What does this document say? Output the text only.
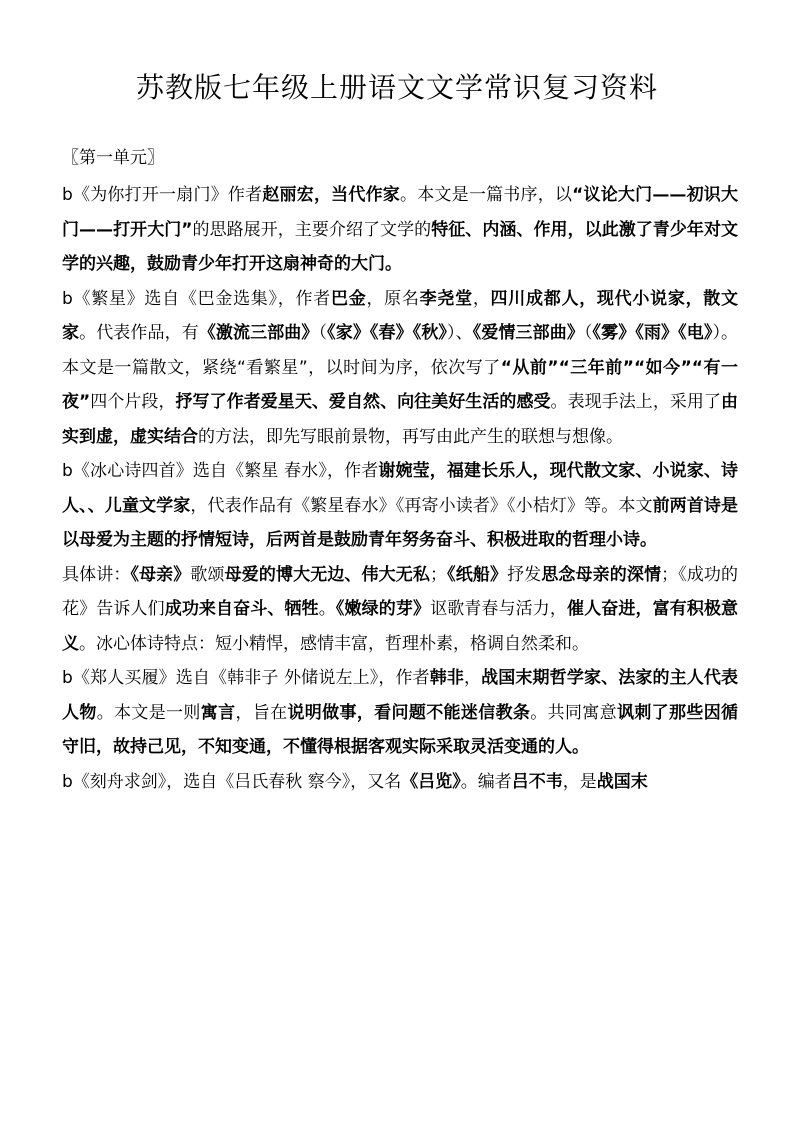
苏教版七年级上册语文文学常识复习资料

〖第一单元〗

b《为你打开一扇门》作者赵丽宏，当代作家。本文是一篇书序，以“议论大门——初识大门——打开大门”的思路展开，主要介绍了文学的特征、内涵、作用，以此激了青少年对文学的兴趣，鼓励青少年打开这扇神奇的大门。

b《繁星》选自《巴金选集》，作者巴金，原名李尧堂，四川成都人，现代小说家，散文家。代表作品，有《激流三部曲》（《家》《春》《秋》）、《爱情三部曲》（《雾》《雨》《电》）。本文是一篇散文，紧绕“看繁星”，以时间为序，依次写了“从前”“三年前”“如今”“有一夜”四个片段，抒写了作者爱星天、爱自然、向往美好生活的感受。表现手法上，采用了由实到虚，虚实结合的方法，即先写眼前景物，再写由此产生的联想与想像。

b《冰心诗四首》选自《繁星 春水》，作者谢婉莹，福建长乐人，现代散文家、小说家、诗人、、儿童文学家，代表作品有《繁星春水》《再寄小读者》《小桔灯》等。本文前两首诗是以母爱为主题的抒情短诗，后两首是鼓励青年努务奋斗、积极进取的哲理小诗。

具体讲：《母亲》歌颂母爱的博大无边、伟大无私；《纸船》抒发思念母亲的深情；《成功的花》告诉人们成功来自奋斗、牺牲。《嫩绿的芽》讴歌青春与活力，催人奋进，富有积极意义。冰心体诗特点：短小精悍，感情丰富，哲理朴素，格调自然柔和。

b《郑人买履》选自《韩非子 外储说左上》，作者韩非，战国末期哲学家、法家的主人代表人物。本文是一则寓言，旨在说明做事，看问题不能迷信教条。共同寓意讽刺了那些因循守旧，故持己见，不知变通，不懂得根据客观实际采取灵活变通的人。

b《刻舟求剑》，选自《吕氏春秋 察今》，又名《吕览》。编者吕不韦，是战国末
